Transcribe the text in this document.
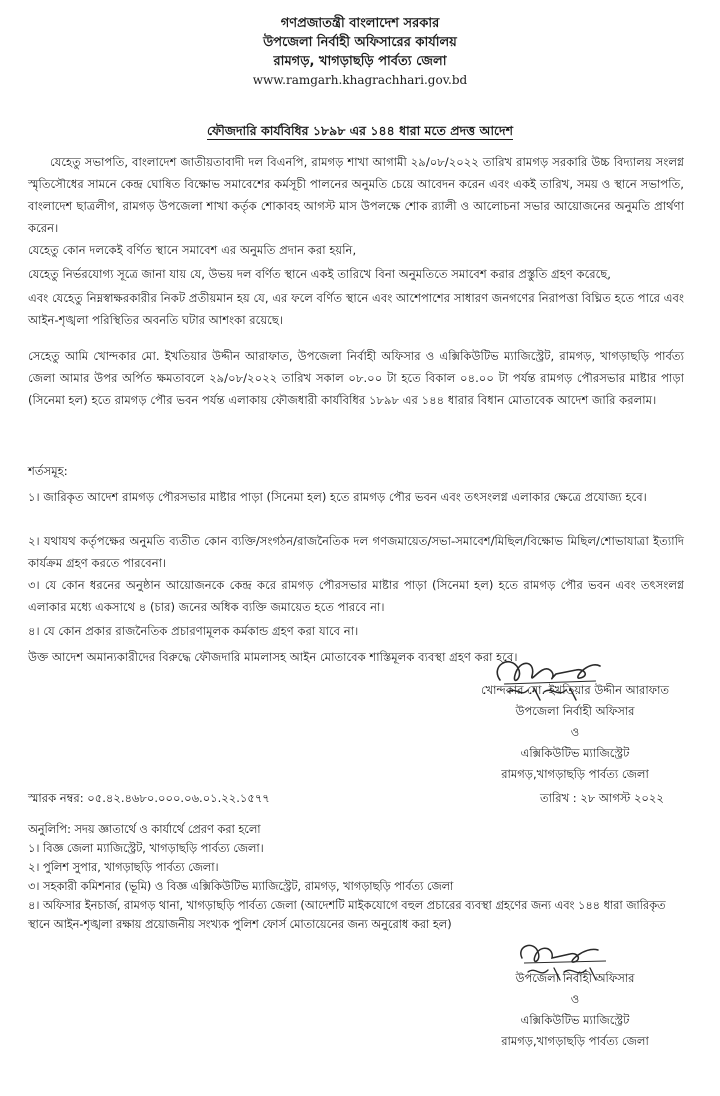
গণপ্রজাতন্ত্রী বাংলাদেশ সরকার
উপজেলা নির্বাহী অফিসারের কার্যালয়
রামগড়, খাগড়াছড়ি পার্বত্য জেলা
www.ramgarh.khagrachhari.gov.bd
ফৌজদারি কার্যবিধির ১৮৯৮ এর ১৪৪ ধারা মতে প্রদত্ত আদেশ

যেহেতু সভাপতি, বাংলাদেশ জাতীয়তাবাদী দল বিএনপি, রামগড় শাখা আগামী ২৯/০৮/২০২২ তারিখ রামগড় সরকারি উচ্চ বিদ্যালয় সংলগ্ন স্মৃতিসৌধের সামনে কেন্দ্র ঘোষিত বিক্ষোভ সমাবেশের কর্মসূচী পালনের অনুমতি চেয়ে আবেদন করেন এবং একই তারিখ, সময় ও স্থানে সভাপতি, বাংলাদেশ ছাত্রলীগ, রামগড় উপজেলা শাখা কর্তৃক শোকাবহ আগস্ট মাস উপলক্ষে শোক র‍্যালী ও আলোচনা সভার আয়োজনের অনুমতি প্রার্থণা করেন।

যেহেতু কোন দলকেই বর্ণিত স্থানে সমাবেশ এর অনুমতি প্রদান করা হয়নি,

যেহেতু নির্ভরযোগ্য সূত্রে জানা যায় যে, উভয় দল বর্ণিত স্থানে একই তারিখে বিনা অনুমতিতে সমাবেশ করার প্রস্তুতি গ্রহণ করেছে,

এবং যেহেতু নিম্নস্বাক্ষরকারীর নিকট প্রতীয়মান হয় যে, এর ফলে বর্ণিত স্থানে এবং আশেপাশের সাধারণ জনগণের নিরাপত্তা বিঘ্নিত হতে পারে এবং আইন-শৃঙ্খলা পরিস্থিতির অবনতি ঘটার আশংকা রয়েছে।

সেহেতু আমি খোন্দকার মো. ইখতিয়ার উদ্দীন আরাফাত, উপজেলা নির্বাহী অফিসার ও এক্সিকিউটিভ ম্যাজিস্ট্রেট, রামগড়, খাগড়াছড়ি পার্বত্য জেলা আমার উপর অর্পিত ক্ষমতাবলে ২৯/০৮/২০২২ তারিখ সকাল ০৮.০০ টা হতে বিকাল ০৪.০০ টা পর্যন্ত রামগড় পৌরসভার মাষ্টার পাড়া (সিনেমা হল) হতে রামগড় পৌর ভবন পর্যন্ত এলাকায় ফৌজধারী কার্যবিধির ১৮৯৮ এর ১৪৪ ধারার বিধান মোতাবেক আদেশ জারি করলাম।

শর্তসমূহ:

১। জারিকৃত আদেশ রামগড় পৌরসভার মাষ্টার পাড়া (সিনেমা হল) হতে রামগড় পৌর ভবন এবং তৎসংলগ্ন এলাকার ক্ষেত্রে প্রযোজ্য হবে।

২। যথাযথ কর্তৃপক্ষের অনুমতি ব্যতীত কোন ব্যক্তি/সংগঠন/রাজনৈতিক দল গণজমায়েত/সভা-সমাবেশ/মিছিল/বিক্ষোভ মিছিল/শোভাযাত্রা ইত্যাদি কার্যক্রম গ্রহণ করতে পারবেনা।

৩। যে কোন ধরনের অনুষ্ঠান আয়োজনকে কেন্দ্র করে রামগড় পৌরসভার মাষ্টার পাড়া (সিনেমা হল) হতে রামগড় পৌর ভবন এবং তৎসংলগ্ন এলাকার মধ্যে একসাথে ৪ (চার) জনের অধিক ব্যক্তি জমায়েত হতে পারবে না।

৪। যে কোন প্রকার রাজনৈতিক প্রচারণামূলক কর্মকান্ড গ্রহণ করা যাবে না।

উক্ত আদেশ অমান্যকারীদের বিরুদ্ধে ফৌজদারি মামলাসহ আইন মোতাবেক শাস্তিমূলক ব্যবস্থা গ্রহণ করা হবে।

খোন্দকার মো. ইখতিয়ার উদ্দীন আরাফাত
উপজেলা নির্বাহী অফিসার
ও
এক্সিকিউটিভ ম্যাজিস্ট্রেট
রামগড়,খাগড়াছড়ি পার্বত্য জেলা
স্মারক নম্বর: ০৫.৪২.৪৬৮০.০০০.০৬.০১.২২.১৫৭৭	তারিখ : ২৮ আগস্ট ২০২২
অনুলিপি: সদয় জ্ঞাতার্থে ও কার্যার্থে প্রেরণ করা হলো
১। বিজ্ঞ জেলা ম্যাজিস্ট্রেট, খাগড়াছড়ি পার্বত্য জেলা।
২। পুলিশ সুপার, খাগড়াছড়ি পার্বত্য জেলা।
৩। সহকারী কমিশনার (ভূমি) ও বিজ্ঞ এক্সিকিউটিভ ম্যাজিস্ট্রেট, রামগড়, খাগড়াছড়ি পার্বত্য জেলা
৪। অফিসার ইনচার্জ, রামগড় থানা, খাগড়াছড়ি পার্বত্য জেলা (আদেশটি মাইকযোগে বহুল প্রচারের ব্যবস্থা গ্রহণের জন্য এবং ১৪৪ ধারা জারিকৃত স্থানে আইন-শৃঙ্খলা রক্ষায় প্রয়োজনীয় সংখ্যক পুলিশ ফোর্স মোতায়েনের জন্য অনুরোধ করা হল)
উপজেলা নির্বাহী অফিসার
ও
এক্সিকিউটিভ ম্যাজিস্ট্রেট
রামগড়,খাগড়াছড়ি পার্বত্য জেলা
